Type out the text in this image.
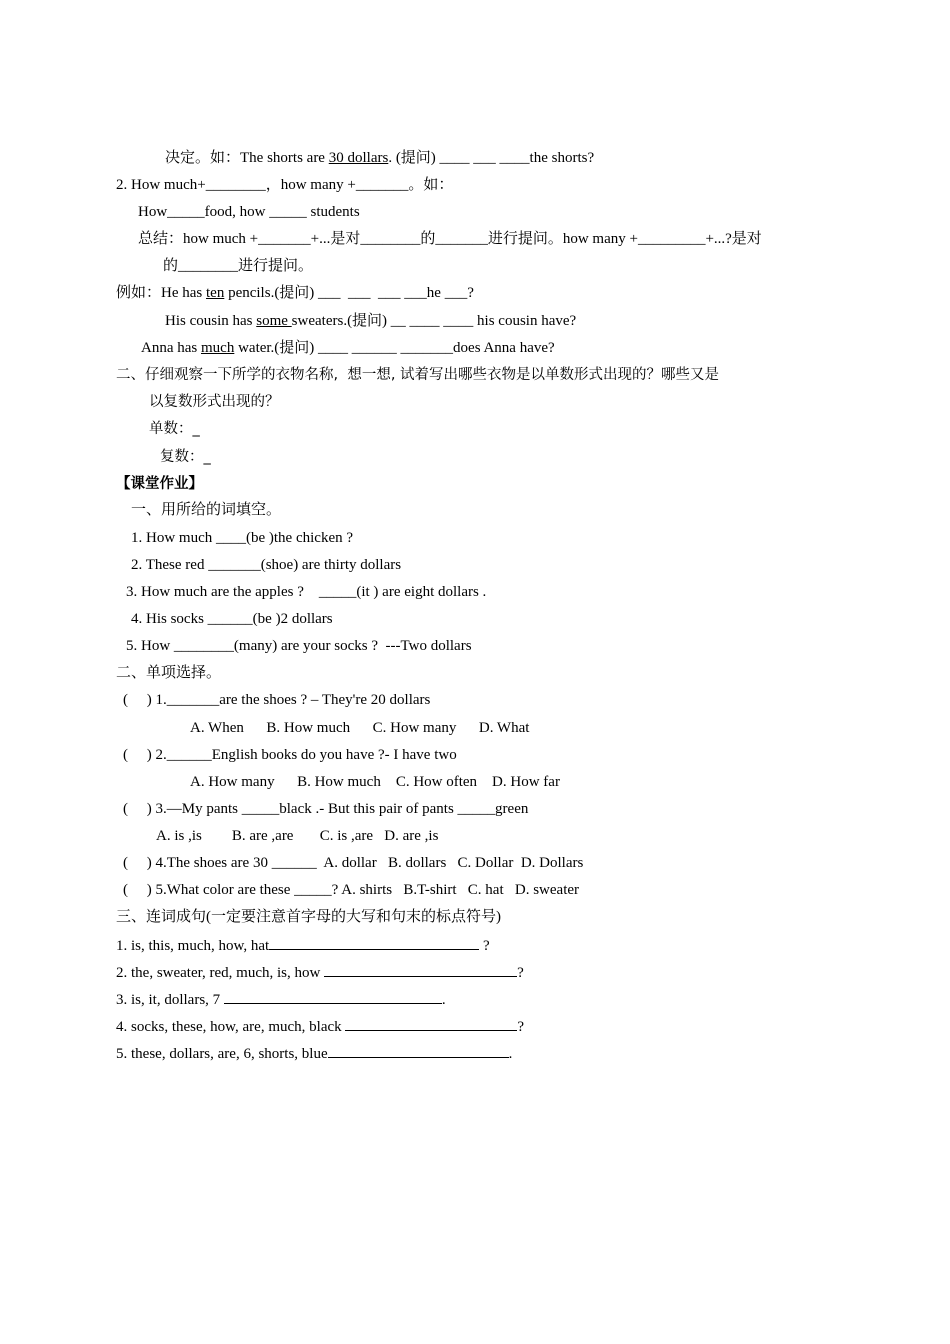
决定。如：The shorts are 30 dollars. (提问) ____ ___ ____the shorts?
2. How much+________，how many +_______。如：
How_____food, how _____ students
总结：how much +_______+...是对________的_______进行提问。how many +_________+...?是对
的________进行提问。
例如：He has ten pencils.(提问) ___  ___  ___ ___he ___?
His cousin has some sweaters.(提问) __ ____ ____ his cousin have?
Anna has much water.(提问) ____ ______ _______does Anna have?
二、仔细观察一下所学的衣物名称,  想一想, 试着写出哪些衣物是以单数形式出现的？哪些又是
以复数形式出现的？
单数：_
复数：_
【课堂作业】
一、用所给的词填空。
1. How much ____(be )the chicken ?
2. These red _______(shoe) are thirty dollars
3. How much are the apples ?    _____(it ) are eight dollars .
4. His socks ______(be )2 dollars
5. How ________(many) are your socks ?  ---Two dollars
二、单项选择。
(     ) 1._______are the shoes ? – They're 20 dollars
A. When      B. How much      C. How many      D. What
(     ) 2.______English books do you have ?- I have two
A. How many      B. How much    C. How often    D. How far
(     ) 3.—My pants _____black .- But this pair of pants _____green
A. is ,is        B. are ,are       C. is ,are   D. are ,is
(     ) 4.The shoes are 30 ______  A. dollar   B. dollars   C. Dollar  D. Dollars
(     ) 5.What color are these _____? A. shirts   B.T-shirt   C. hat   D. sweater
三、连词成句(一定要注意首字母的大写和句末的标点符号)
1. is, this, much, how, hat	?
2. the, sweater, red, much, is, how	?
3. is, it, dollars, 7	.
4. socks, these, how, are, much, black	?
5. these, dollars, are, 6, shorts, blue	.
